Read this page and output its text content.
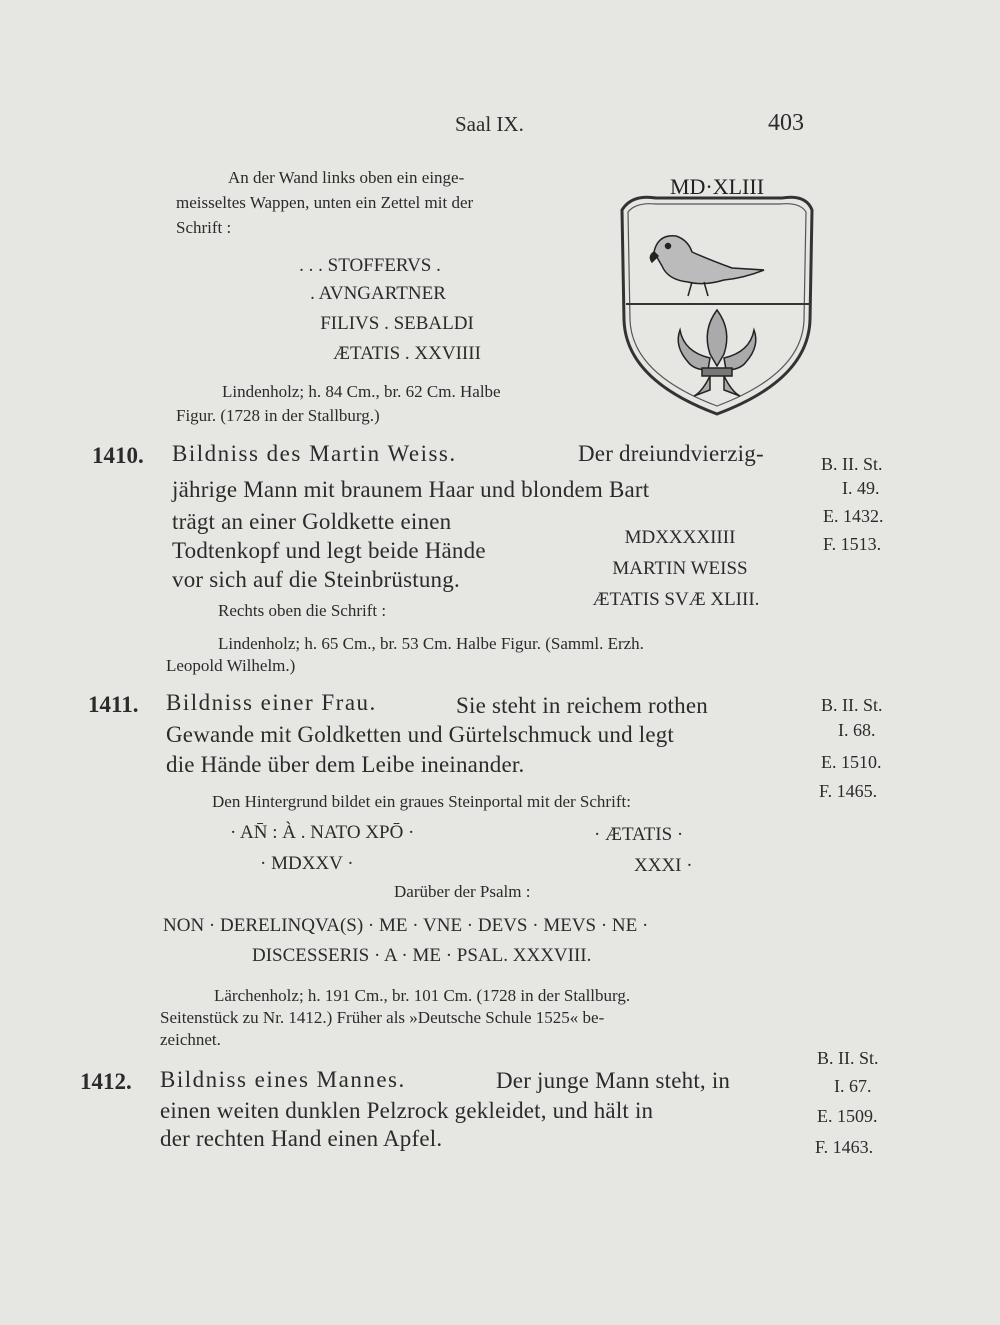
Saal IX.	403
An der Wand links oben ein einge-
meisseltes Wappen, unten ein Zettel mit der
Schrift :
. . . STOFFERVS .
. AVNGARTNER
FILIVS . SEBALDI
ÆTATIS . XXVIIII
Lindenholz; h. 84 Cm., br. 62 Cm. Halbe
Figur. (1728 in der Stallburg.)
MD·XLIII
1410. Bildniss des Martin Weiss.	Der dreiundvierzig-
jährige Mann mit braunem Haar und blondem Bart
trägt an einer Goldkette einen
Todtenkopf und legt beide Hände
vor sich auf die Steinbrüstung.
Rechts oben die Schrift :
MDXXXXIIII
MARTIN WEISS
ÆTATIS SVÆ XLIII.
Lindenholz; h. 65 Cm., br. 53 Cm. Halbe Figur. (Samml. Erzh.
Leopold Wilhelm.)
B. II. St.
I. 49.
E. 1432.
F. 1513.
1411. Bildniss einer Frau.	Sie steht in reichem rothen
Gewande mit Goldketten und Gürtelschmuck und legt
die Hände über dem Leibe ineinander.
Den Hintergrund bildet ein graues Steinportal mit der Schrift:
· AN̄ : À . NATO XPŌ ·
· MDXXV ·
· ÆTATIS ·
XXXI ·
Darüber der Psalm :
NON · DERELINQVA(S) · ME · VNE · DEVS · MEVS · NE ·
DISCESSERIS · A · ME · PSAL. XXXVIII.
Lärchenholz; h. 191 Cm., br. 101 Cm. (1728 in der Stallburg.
Seitenstück zu Nr. 1412.) Früher als »Deutsche Schule 1525« be-
zeichnet.
B. II. St.
I. 68.
E. 1510.
F. 1465.
1412. Bildniss eines Mannes.	Der junge Mann steht, in
einen weiten dunklen Pelzrock gekleidet, und hält in
der rechten Hand einen Apfel.
B. II. St.
I. 67.
E. 1509.
F. 1463.
